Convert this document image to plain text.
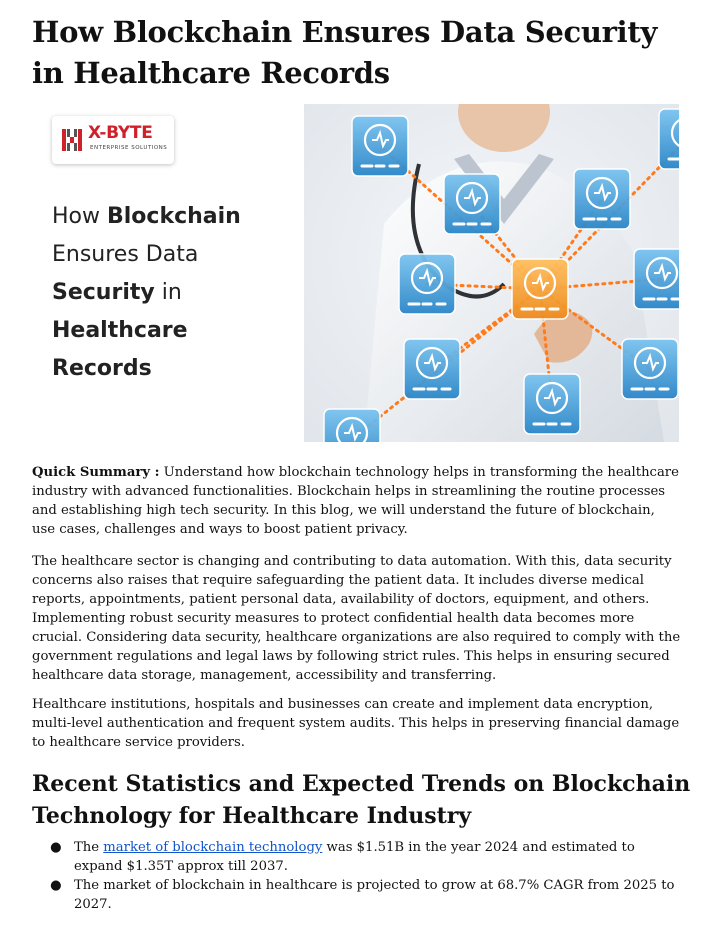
How Blockchain Ensures Data Security in Healthcare Records
X-BYTE
ENTERPRISE SOLUTIONS
How Blockchain
Ensures Data
Security in
Healthcare
Records

Quick Summary : Understand how blockchain technology helps in transforming the healthcare industry with advanced functionalities. Blockchain helps in streamlining the routine processes and establishing high tech security. In this blog, we will understand the future of blockchain, use cases, challenges and ways to boost patient privacy.

The healthcare sector is changing and contributing to data automation. With this, data security concerns also raises that require safeguarding the patient data. It includes diverse medical reports, appointments, patient personal data, availability of doctors, equipment, and others. Implementing robust security measures to protect confidential health data becomes more crucial. Considering data security, healthcare organizations are also required to comply with the government regulations and legal laws by following strict rules. This helps in ensuring secured healthcare data storage, management, accessibility and transferring.

Healthcare institutions, hospitals and businesses can create and implement data encryption, multi-level authentication and frequent system audits. This helps in preserving financial damage to healthcare service providers.

Recent Statistics and Expected Trends on Blockchain Technology for Healthcare Industry
● The market of blockchain technology was $1.51B in the year 2024 and estimated to expand $1.35T approx till 2037.
● The market of blockchain in healthcare is projected to grow at 68.7% CAGR from 2025 to 2027.
